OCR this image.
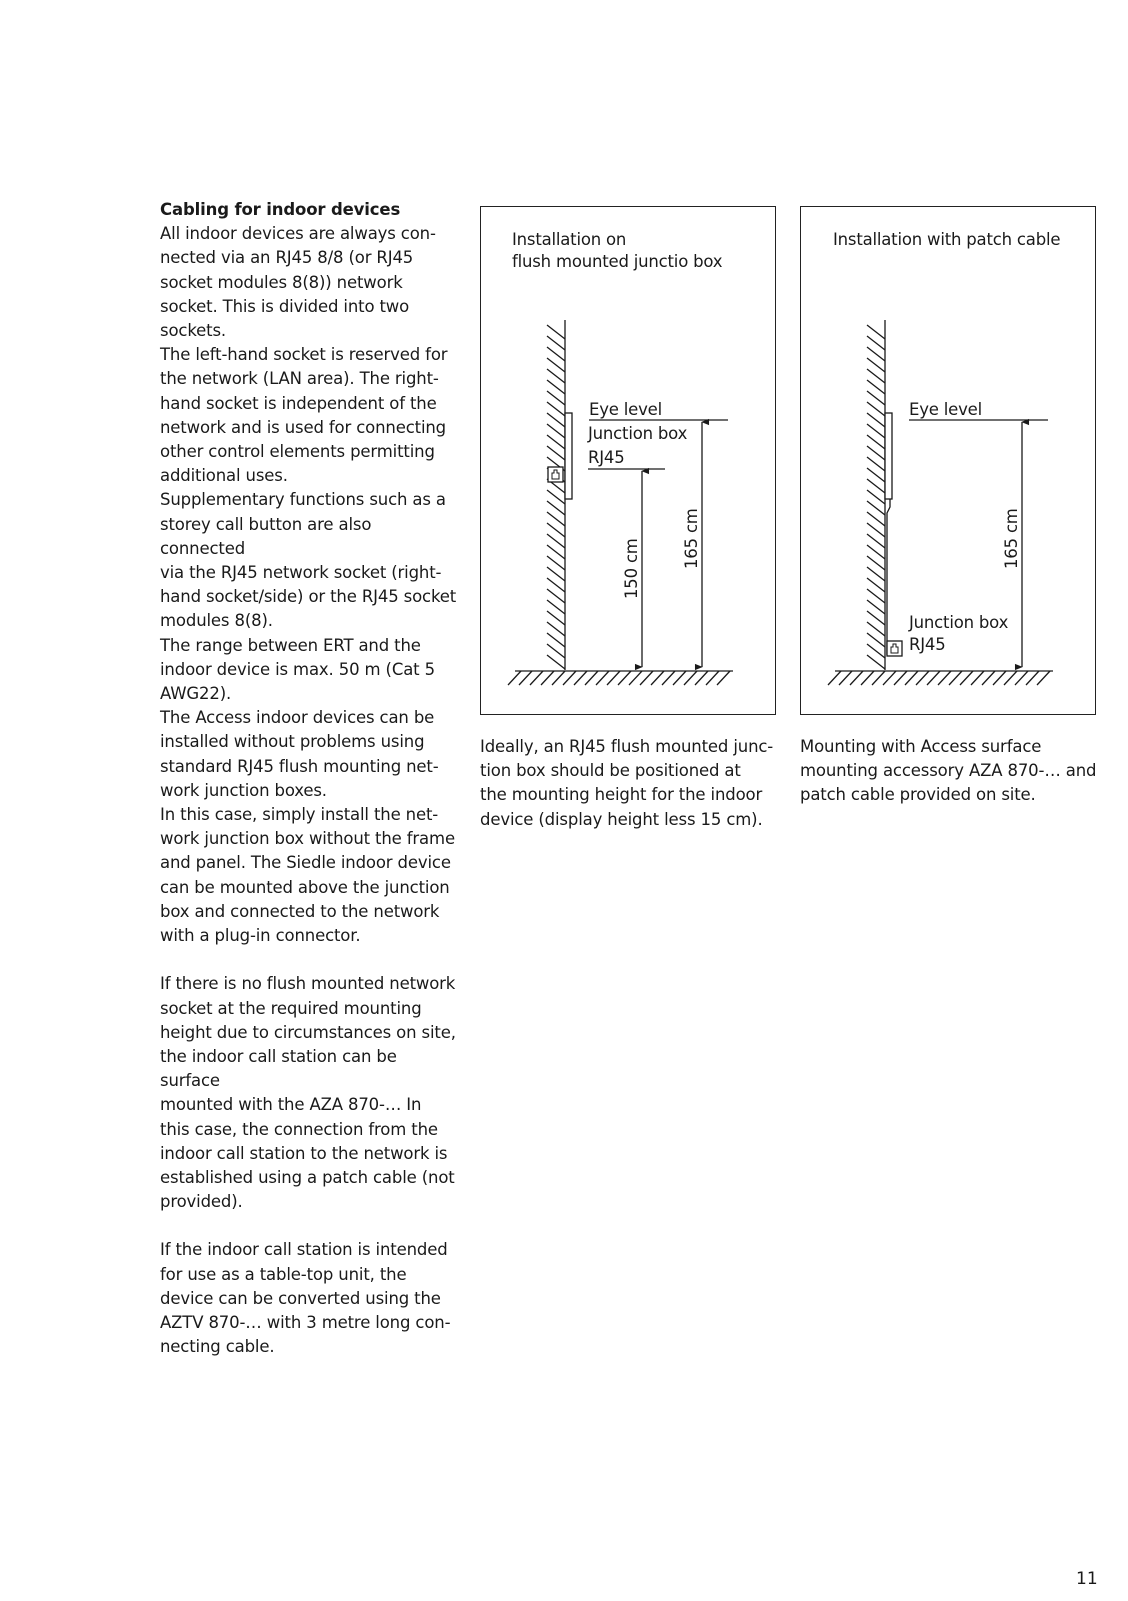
Cabling for indoor devices

All indoor devices are always con-
nected via an RJ45 8/8 (or RJ45
socket modules 8(8)) network
socket. This is divided into two
sockets.
The left-hand socket is reserved for
the network (LAN area). The right-
hand socket is independent of the
network and is used for connecting
other control elements permitting
additional uses.
Supplementary functions such as a
storey call button are also connected
via the RJ45 network socket (right-
hand socket/side) or the RJ45 socket
modules 8(8).
The range between ERT and the
indoor device is max. 50 m (Cat 5
AWG22).
The Access indoor devices can be
installed without problems using
standard RJ45 flush mounting net-
work junction boxes.
In this case, simply install the net-
work junction box without the frame
and panel. The Siedle indoor device
can be mounted above the junction
box and connected to the network
with a plug-in connector.

If there is no flush mounted network
socket at the required mounting
height due to circumstances on site,
the indoor call station can be surface
mounted with the AZA 870-… In
this case, the connection from the
indoor call station to the network is
established using a patch cable (not
provided).

If the indoor call station is intended
for use as a table-top unit, the
device can be converted using the
AZTV 870-… with 3 metre long con-
necting cable.

Installation on
flush mounted junctio box
Eye level
Junction box
RJ45
150 cm 165 cm
Installation with patch cable
Eye level
165 cm
Junction box
RJ45
Ideally, an RJ45 flush mounted junc-
tion box should be positioned at
the mounting height for the indoor
device (display height less 15 cm).
Mounting with Access surface
mounting accessory AZA 870-… and
patch cable provided on site.
11
